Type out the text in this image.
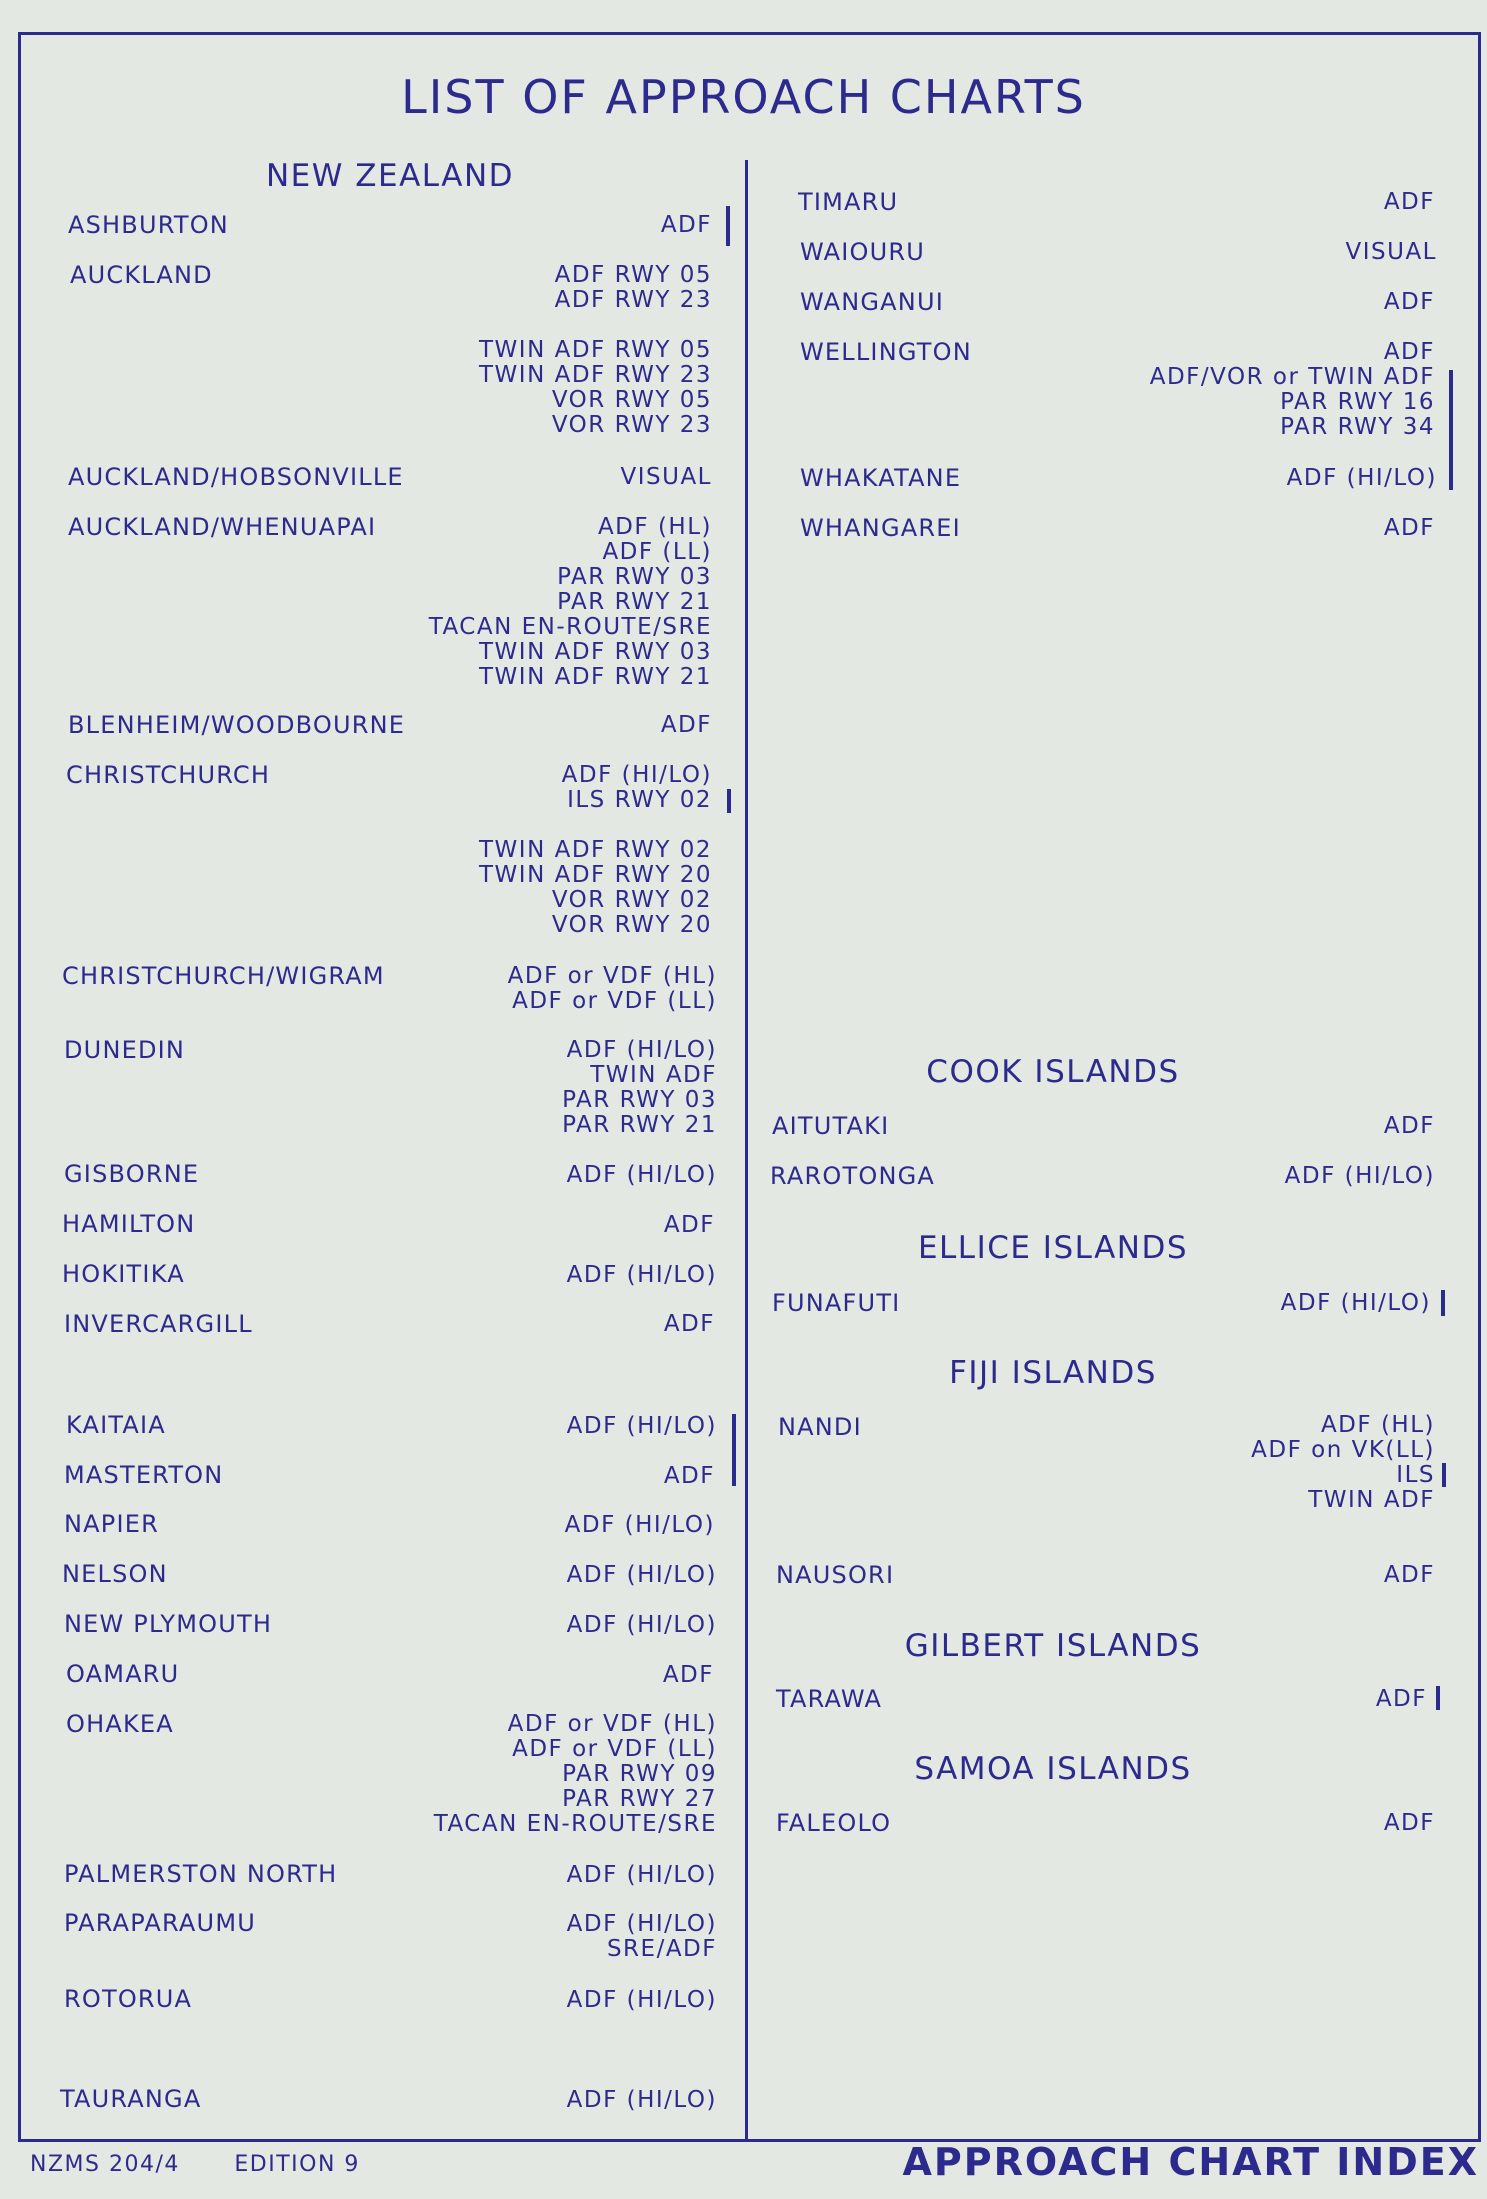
LIST OF APPROACH CHARTS
NEW ZEALAND
ASHBURTON	ADF
AUCKLAND	ADF RWY 05
ADF RWY 23
TWIN ADF RWY 05
TWIN ADF RWY 23
VOR RWY 05
VOR RWY 23
AUCKLAND/HOBSONVILLE	VISUAL
AUCKLAND/WHENUAPAI	ADF (HL)
ADF (LL)
PAR RWY 03
PAR RWY 21
TACAN EN-ROUTE/SRE
TWIN ADF RWY 03
TWIN ADF RWY 21
BLENHEIM/WOODBOURNE	ADF
CHRISTCHURCH	ADF (HI/LO)
ILS RWY 02
TWIN ADF RWY 02
TWIN ADF RWY 20
VOR RWY 02
VOR RWY 20
CHRISTCHURCH/WIGRAM	ADF or VDF (HL)
ADF or VDF (LL)
DUNEDIN	ADF (HI/LO)
TWIN ADF
PAR RWY 03
PAR RWY 21
GISBORNE	ADF (HI/LO)
HAMILTON	ADF
HOKITIKA	ADF (HI/LO)
INVERCARGILL	ADF
KAITAIA	ADF (HI/LO)
MASTERTON	ADF
NAPIER	ADF (HI/LO)
NELSON	ADF (HI/LO)
NEW PLYMOUTH	ADF (HI/LO)
OAMARU	ADF
OHAKEA	ADF or VDF (HL)
ADF or VDF (LL)
PAR RWY 09
PAR RWY 27
TACAN EN-ROUTE/SRE
PALMERSTON NORTH	ADF (HI/LO)
PARAPARAUMU	ADF (HI/LO)
SRE/ADF
ROTORUA	ADF (HI/LO)
TAURANGA	ADF (HI/LO)
TIMARU	ADF
WAIOURU	VISUAL
WANGANUI	ADF
WELLINGTON	ADF
ADF/VOR or TWIN ADF
PAR RWY 16
PAR RWY 34
WHAKATANE	ADF (HI/LO)
WHANGAREI	ADF
COOK ISLANDS
AITUTAKI	ADF
RAROTONGA	ADF (HI/LO)
ELLICE ISLANDS
FUNAFUTI	ADF (HI/LO)
FIJI ISLANDS
NANDI	ADF (HL)
ADF on VK(LL)
ILS
TWIN ADF
NAUSORI	ADF
GILBERT ISLANDS
TARAWA	ADF
SAMOA ISLANDS
FALEOLO	ADF
NZMS 204/4 EDITION 9	APPROACH CHART INDEX
